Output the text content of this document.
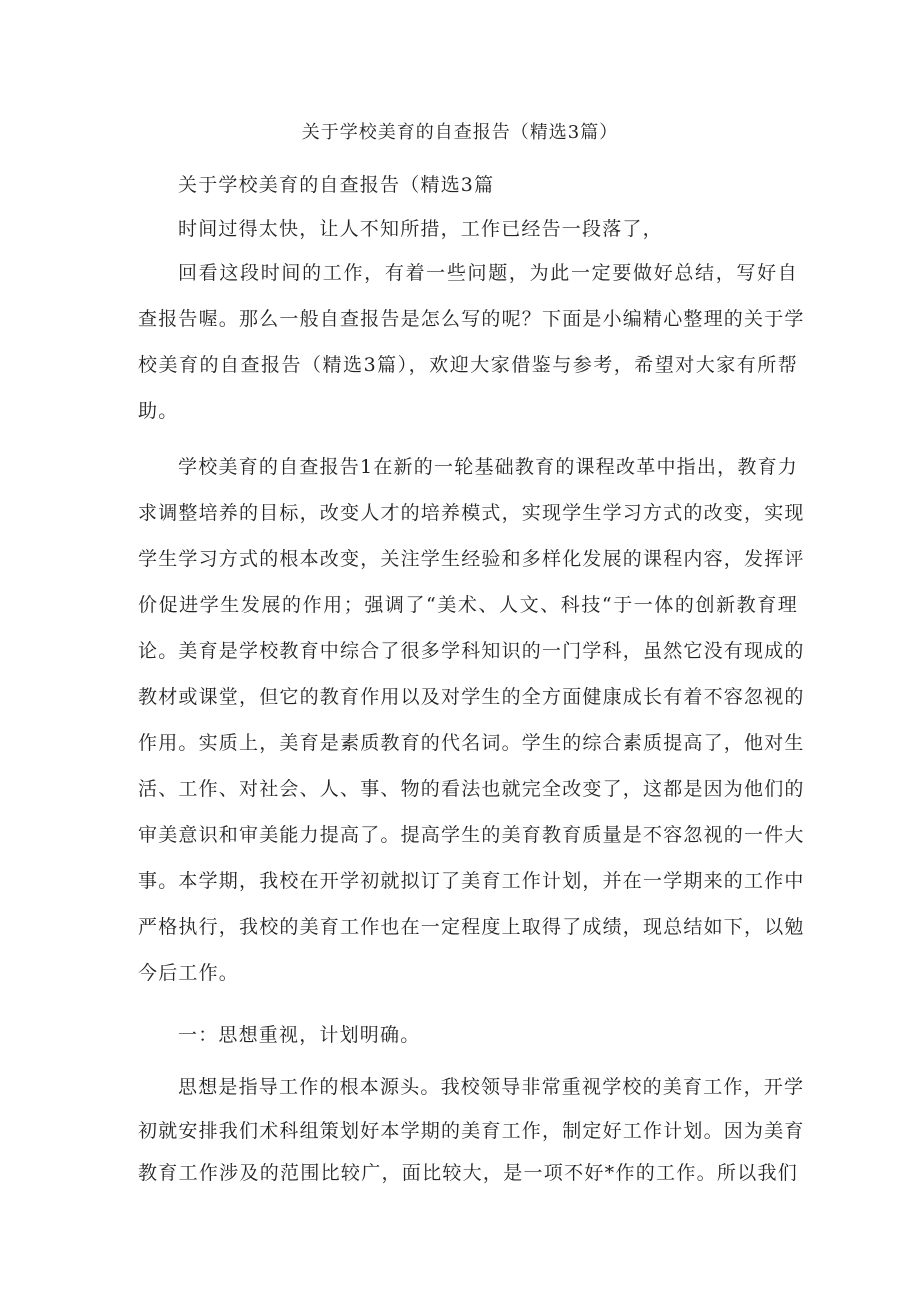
关于学校美育的自查报告（精选3篇）
关于学校美育的自查报告（精选3篇
时间过得太快，让人不知所措，工作已经告一段落了，
回看这段时间的工作，有着一些问题，为此一定要做好总结，写好自
查报告喔。那么一般自查报告是怎么写的呢？下面是小编精心整理的关于学
校美育的自查报告（精选3篇），欢迎大家借鉴与参考，希望对大家有所帮
助。
学校美育的自查报告1在新的一轮基础教育的课程改革中指出，教育力
求调整培养的目标，改变人才的培养模式，实现学生学习方式的改变，实现
学生学习方式的根本改变，关注学生经验和多样化发展的课程内容，发挥评
价促进学生发展的作用；强调了“美术、人文、科技“于一体的创新教育理
论。美育是学校教育中综合了很多学科知识的一门学科，虽然它没有现成的
教材或课堂，但它的教育作用以及对学生的全方面健康成长有着不容忽视的
作用。实质上，美育是素质教育的代名词。学生的综合素质提高了，他对生
活、工作、对社会、人、事、物的看法也就完全改变了，这都是因为他们的
审美意识和审美能力提高了。提高学生的美育教育质量是不容忽视的一件大
事。本学期，我校在开学初就拟订了美育工作计划，并在一学期来的工作中
严格执行，我校的美育工作也在一定程度上取得了成绩，现总结如下，以勉
今后工作。
一：思想重视，计划明确。
思想是指导工作的根本源头。我校领导非常重视学校的美育工作，开学
初就安排我们术科组策划好本学期的美育工作，制定好工作计划。因为美育
教育工作涉及的范围比较广，面比较大，是一项不好*作的工作。所以我们
